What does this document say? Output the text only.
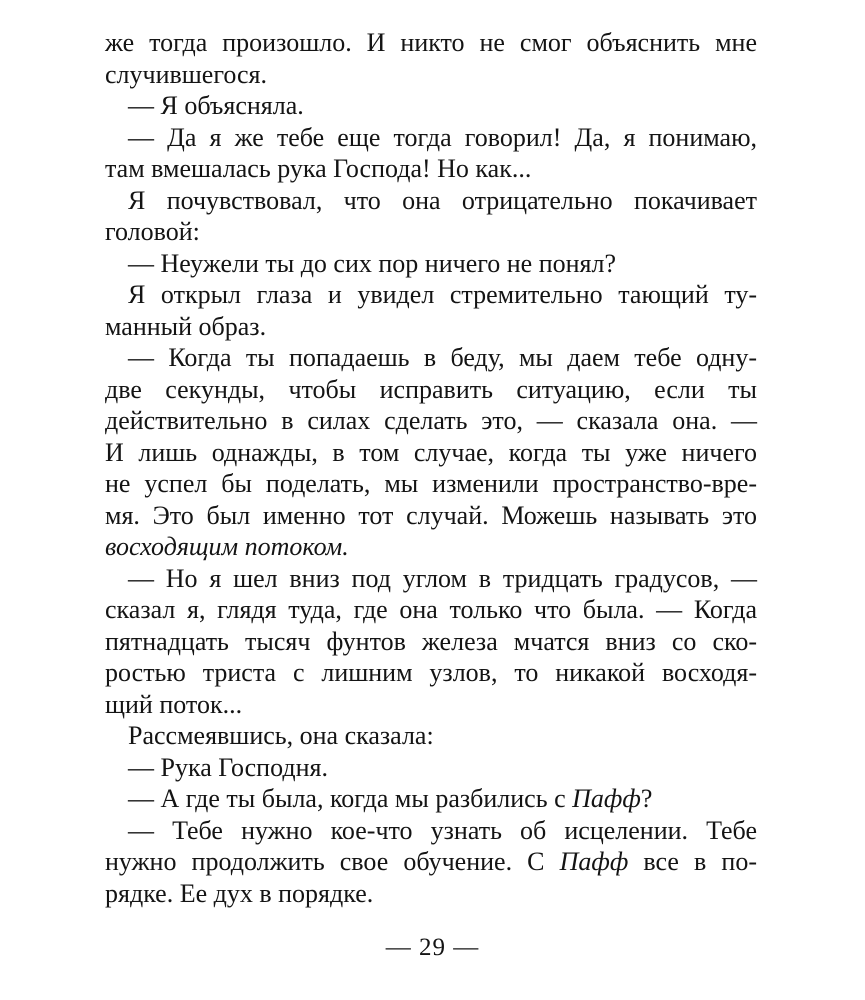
же тогда произошло. И никто не смог объяснить мне
случившегося.
— Я объясняла.
— Да я же тебе еще тогда говорил! Да, я понимаю,
там вмешалась рука Господа! Но как...
Я почувствовал, что она отрицательно покачивает
головой:
— Неужели ты до сих пор ничего не понял?
Я открыл глаза и увидел стремительно тающий ту-
манный образ.
— Когда ты попадаешь в беду, мы даем тебе одну-
две секунды, чтобы исправить ситуацию, если ты
действительно в силах сделать это, — сказала она. —
И лишь однажды, в том случае, когда ты уже ничего
не успел бы поделать, мы изменили пространство-вре-
мя. Это был именно тот случай. Можешь называть это
восходящим потоком.
— Но я шел вниз под углом в тридцать градусов, —
сказал я, глядя туда, где она только что была. — Когда
пятнадцать тысяч фунтов железа мчатся вниз со ско-
ростью триста с лишним узлов, то никакой восходя-
щий поток...
Рассмеявшись, она сказала:
— Рука Господня.
— А где ты была, когда мы разбились с Пафф?
— Тебе нужно кое-что узнать об исцелении. Тебе
нужно продолжить свое обучение. С Пафф все в по-
рядке. Ее дух в порядке.
— 29 —
